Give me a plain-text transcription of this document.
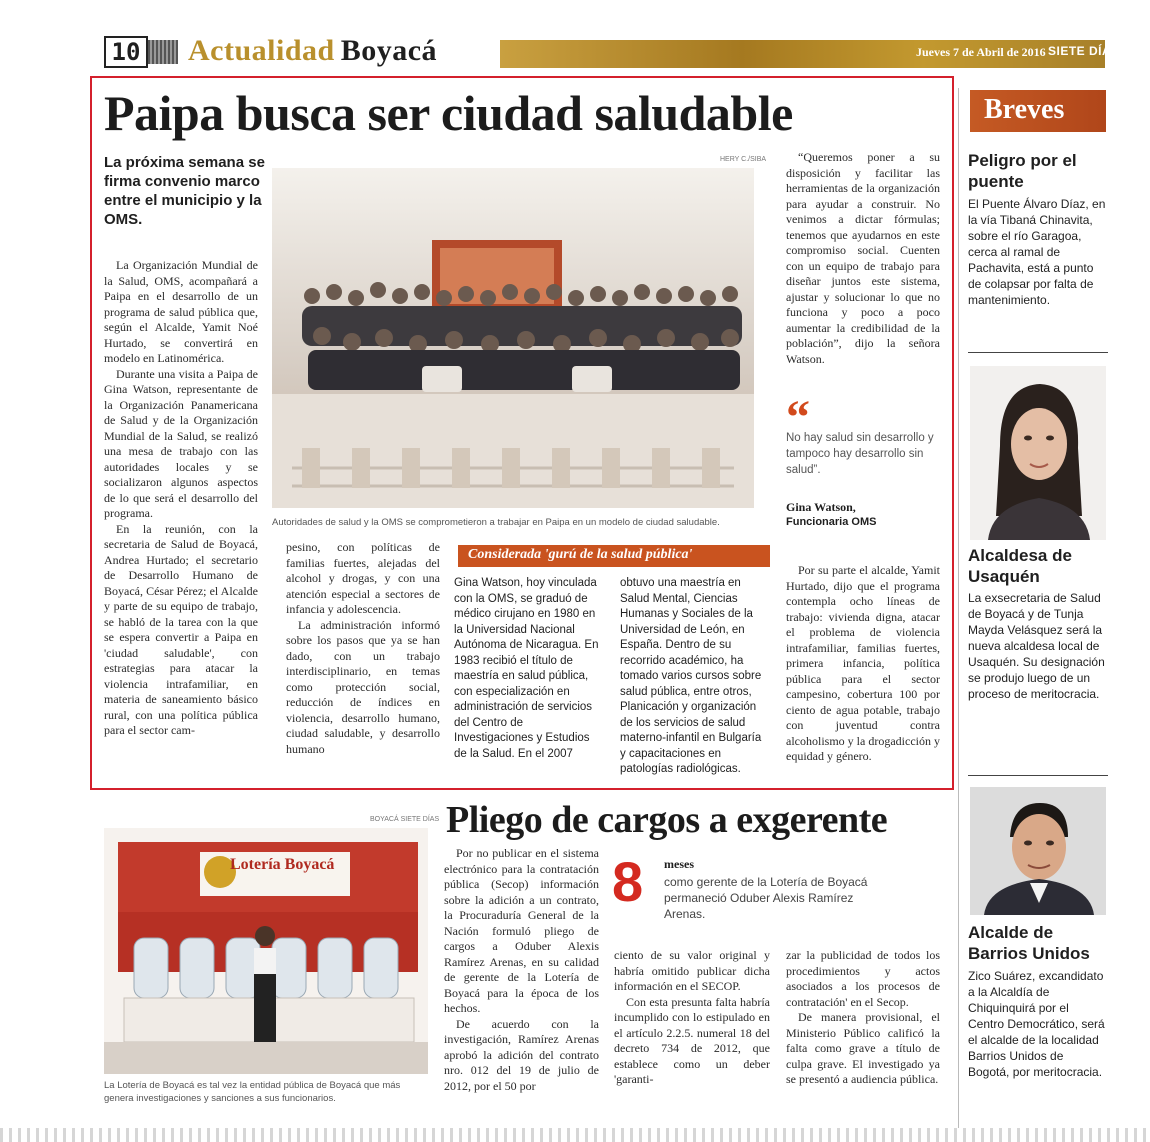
10 Actualidad Boyacá	Jueves 7 de Abril de 2016 SIETE DÍAS
Paipa busca ser ciudad saludable
La próxima semana se firma convenio marco entre el municipio y la OMS.

La Organización Mundial de la Salud, OMS, acompañará a Paipa en el desarrollo de un programa de salud pública que, según el Alcalde, Yamit Noé Hurtado, se convertirá en modelo en Latinomérica.

Durante una visita a Paipa de Gina Watson, representante de la Organización Panamericana de Salud y de la Organización Mundial de la Salud, se realizó una mesa de trabajo con las autoridades locales y se socializaron algunos aspectos de lo que será el desarrollo del programa.

En la reunión, con la secretaria de Salud de Boyacá, Andrea Hurtado; el secretario de Desarrollo Humano de Boyacá, César Pérez; el Alcalde y parte de su equipo de trabajo, se habló de la tarea con la que se espera convertir a Paipa en 'ciudad saludable', con estrategias para atacar la violencia intrafamiliar, en materia de saneamiento básico rural, con una política pública para el sector cam-

HERY C./SIBA
Autoridades de salud y la OMS se comprometieron a trabajar en Paipa en un modelo de ciudad saludable.

pesino, con políticas de familias fuertes, alejadas del alcohol y drogas, y con una atención especial a sectores de infancia y adolescencia.

La administración informó sobre los pasos que ya se han dado, con un trabajo interdisciplinario, en temas como protección social, reducción de índices en violencia, desarrollo humano, ciudad saludable, y desarrollo humano

“Queremos poner a su disposición y facilitar las herramientas de la organización para ayudar a construir. No venimos a dictar fórmulas; tenemos que ayudarnos en este compromiso social. Cuenten con un equipo de trabajo para diseñar juntos este sistema, ajustar y solucionar lo que no funciona y poco a poco aumentar la credibilidad de la población”, dijo la señora Watson.

“
No hay salud sin desarrollo y tampoco hay desarrollo sin salud”.
Gina Watson,
Funcionaria OMS

Por su parte el alcalde, Yamit Hurtado, dijo que el programa contempla ocho líneas de trabajo: vivienda digna, atacar el problema de violencia intrafamiliar, familias fuertes, primera infancia, política pública para el sector campesino, cobertura 100 por ciento de agua potable, trabajo con juventud contra alcoholismo y la drogadicción y equidad y género.

Considerada 'gurú de la salud pública'
Gina Watson, hoy vinculada con la OMS, se graduó de médico cirujano en 1980 en la Universidad Nacional Autónoma de Nicaragua. En 1983 recibió el título de maestría en salud pública, con especialización en administración de servicios del Centro de Investigaciones y Estudios de la Salud. En el 2007
obtuvo una maestría en Salud Mental, Ciencias Humanas y Sociales de la Universidad de León, en España. Dentro de su recorrido académico, ha tomado varios cursos sobre salud pública, entre otros, Planicación y organización de los servicios de salud materno-infantil en Bulgaría y capacitaciones en patologías radiológicas.
Breves
Peligro por el puente
El Puente Álvaro Díaz, en la vía Tibaná Chinavita, sobre el río Garagoa, cerca al ramal de Pachavita, está a punto de colapsar por falta de mantenimiento.
Alcaldesa de Usaquén
La exsecretaria de Salud de Boyacá y de Tunja Mayda Velásquez será la nueva alcaldesa local de Usaquén. Su designación se produjo luego de un proceso de meritocracia.
Alcalde de Barrios Unidos
Zico Suárez, excandidato a la Alcaldía de Chiquinquirá por el Centro Democrático, será el alcalde de la localidad Barrios Unidos de Bogotá, por meritocracia.
BOYACÁ SIETE DÍAS
Lotería Boyacá
La Lotería de Boyacá es tal vez la entidad pública de Boyacá que más genera investigaciones y sanciones a sus funcionarios.
Pliego de cargos a exgerente
8 meses
como gerente de la Lotería de Boyacá permaneció Oduber Alexis Ramírez Arenas.

Por no publicar en el sistema electrónico para la contratación pública (Secop) información sobre la adición a un contrato, la Procuraduría General de la Nación formuló pliego de cargos a Oduber Alexis Ramírez Arenas, en su calidad de gerente de la Lotería de Boyacá para la época de los hechos.

De acuerdo con la investigación, Ramírez Arenas aprobó la adición del contrato nro. 012 del 19 de julio de 2012, por el 50 por

ciento de su valor original y habría omitido publicar dicha información en el SECOP.

Con esta presunta falta habría incumplido con lo estipulado en el artículo 2.2.5. numeral 18 del decreto 734 de 2012, que establece como un deber 'garanti-

zar la publicidad de todos los procedimientos y actos asociados a los procesos de contratación' en el Secop.

De manera provisional, el Ministerio Público calificó la falta como grave a título de culpa grave. El investigado ya se presentó a audiencia pública.
